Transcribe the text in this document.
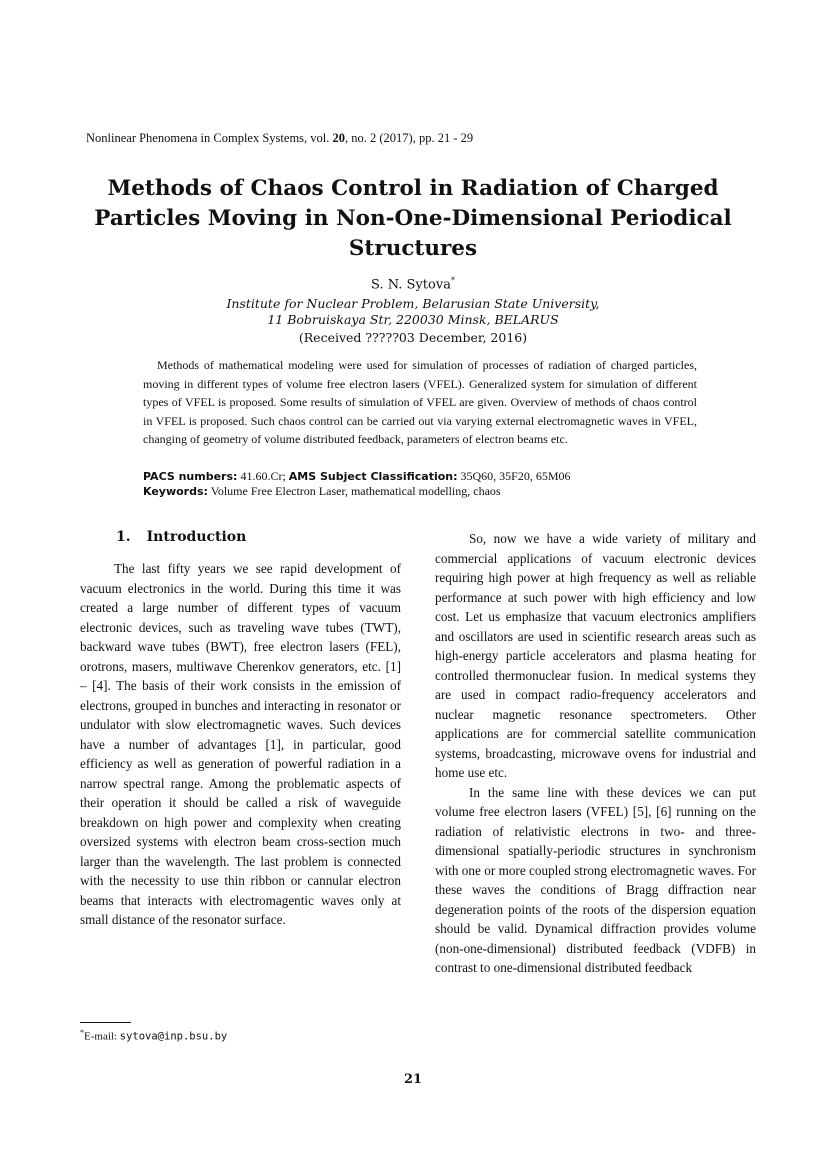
Nonlinear Phenomena in Complex Systems, vol. 20, no. 2 (2017), pp. 21 - 29
Methods of Chaos Control in Radiation of Charged Particles Moving in Non-One-Dimensional Periodical Structures
S. N. Sytova*
Institute for Nuclear Problem, Belarusian State University,
11 Bobruiskaya Str, 220030 Minsk, BELARUS
(Received ?????03 December, 2016)
Methods of mathematical modeling were used for simulation of processes of radiation of charged particles, moving in different types of volume free electron lasers (VFEL). Generalized system for simulation of different types of VFEL is proposed. Some results of simulation of VFEL are given. Overview of methods of chaos control in VFEL is proposed. Such chaos control can be carried out via varying external electromagnetic waves in VFEL, changing of geometry of volume distributed feedback, parameters of electron beams etc.
PACS numbers: 41.60.Cr; AMS Subject Classification: 35Q60, 35F20, 65M06
Keywords: Volume Free Electron Laser, mathematical modelling, chaos
1. Introduction

The last fifty years we see rapid development of vacuum electronics in the world. During this time it was created a large number of different types of vacuum electronic devices, such as traveling wave tubes (TWT), backward wave tubes (BWT), free electron lasers (FEL), orotrons, masers, multiwave Cherenkov generators, etc. [1] – [4]. The basis of their work consists in the emission of electrons, grouped in bunches and interacting in resonator or undulator with slow electromagnetic waves. Such devices have a number of advantages [1], in particular, good efficiency as well as generation of powerful radiation in a narrow spectral range. Among the problematic aspects of their operation it should be called a risk of waveguide breakdown on high power and complexity when creating oversized systems with electron beam cross-section much larger than the wavelength. The last problem is connected with the necessity to use thin ribbon or cannular electron beams that interacts with electromagentic waves only at small distance of the resonator surface.

So, now we have a wide variety of military and commercial applications of vacuum electronic devices requiring high power at high frequency as well as reliable performance at such power with high efficiency and low cost. Let us emphasize that vacuum electronics amplifiers and oscillators are used in scientific research areas such as high-energy particle accelerators and plasma heating for controlled thermonuclear fusion. In medical systems they are used in compact radio-frequency accelerators and nuclear magnetic resonance spectrometers. Other applications are for commercial satellite communication systems, broadcasting, microwave ovens for industrial and home use etc.

In the same line with these devices we can put volume free electron lasers (VFEL) [5], [6] running on the radiation of relativistic electrons in two- and three-dimensional spatially-periodic structures in synchronism with one or more coupled strong electromagnetic waves. For these waves the conditions of Bragg diffraction near degeneration points of the roots of the dispersion equation should be valid. Dynamical diffraction provides volume (non-one-dimensional) distributed feedback (VDFB) in contrast to one-dimensional distributed feedback

*E-mail: sytova@inp.bsu.by
21
